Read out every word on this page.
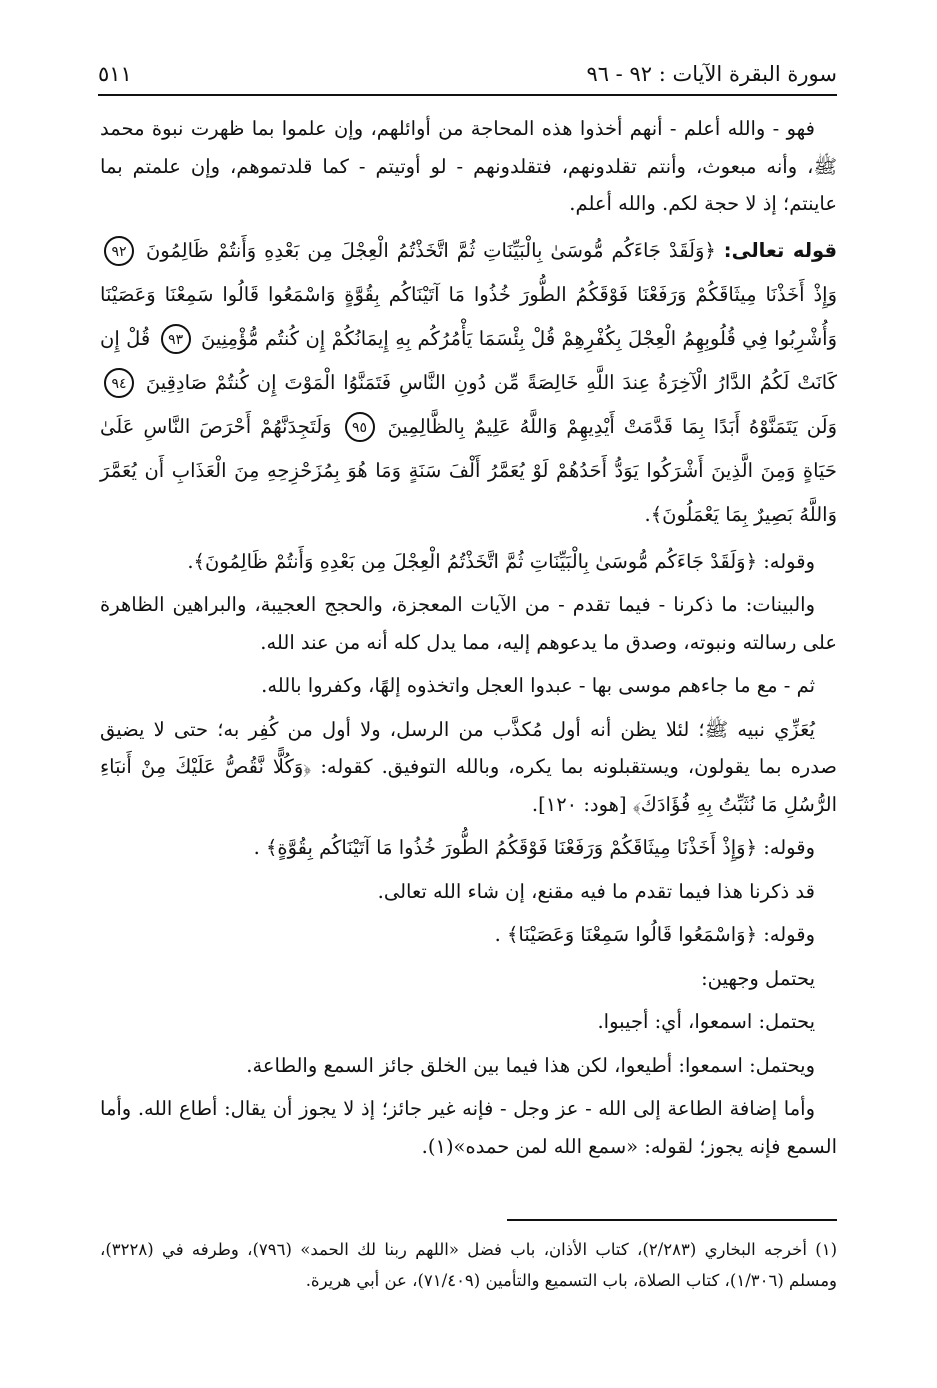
سورة البقرة الآيات : ٩٢ - ٩٦
٥١١

فهو - والله أعلم - أنهم أخذوا هذه المحاجة من أوائلهم، وإن علموا بما ظهرت نبوة محمد ﷺ، وأنه مبعوث، وأنتم تقلدونهم، فتقلدونهم - لو أوتيتم - كما قلدتموهم، وإن علمتم بما عاينتم؛ إذ لا حجة لكم. والله أعلم.

قوله تعالى: ﴿وَلَقَدْ جَاءَكُم مُّوسَىٰ بِالْبَيِّنَاتِ ثُمَّ اتَّخَذْتُمُ الْعِجْلَ مِن بَعْدِهِ وَأَنتُمْ ظَالِمُونَ ٩٢ وَإِذْ أَخَذْنَا مِيثَاقَكُمْ وَرَفَعْنَا فَوْقَكُمُ الطُّورَ خُذُوا مَا آتَيْنَاكُم بِقُوَّةٍ وَاسْمَعُوا قَالُوا سَمِعْنَا وَعَصَيْنَا وَأُشْرِبُوا فِي قُلُوبِهِمُ الْعِجْلَ بِكُفْرِهِمْ قُلْ بِئْسَمَا يَأْمُرُكُم بِهِ إِيمَانُكُمْ إِن كُنتُم مُّؤْمِنِينَ ٩٣ قُلْ إِن كَانَتْ لَكُمُ الدَّارُ الْآخِرَةُ عِندَ اللَّهِ خَالِصَةً مِّن دُونِ النَّاسِ فَتَمَنَّوُا الْمَوْتَ إِن كُنتُمْ صَادِقِينَ ٩٤ وَلَن يَتَمَنَّوْهُ أَبَدًا بِمَا قَدَّمَتْ أَيْدِيهِمْ وَاللَّهُ عَلِيمٌ بِالظَّالِمِينَ ٩٥ وَلَتَجِدَنَّهُمْ أَحْرَصَ النَّاسِ عَلَىٰ حَيَاةٍ وَمِنَ الَّذِينَ أَشْرَكُوا يَوَدُّ أَحَدُهُمْ لَوْ يُعَمَّرُ أَلْفَ سَنَةٍ وَمَا هُوَ بِمُزَحْزِحِهِ مِنَ الْعَذَابِ أَن يُعَمَّرَ وَاللَّهُ بَصِيرٌ بِمَا يَعْمَلُونَ﴾.

وقوله: ﴿وَلَقَدْ جَاءَكُم مُّوسَىٰ بِالْبَيِّنَاتِ ثُمَّ اتَّخَذْتُمُ الْعِجْلَ مِن بَعْدِهِ وَأَنتُمْ ظَالِمُونَ﴾.

والبينات: ما ذكرنا - فيما تقدم - من الآيات المعجزة، والحجج العجيبة، والبراهين الظاهرة على رسالته ونبوته، وصدق ما يدعوهم إليه، مما يدل كله أنه من عند الله.

ثم - مع ما جاءهم موسى بها - عبدوا العجل واتخذوه إلهًا، وكفروا بالله.

يُعَزِّي نبيه ﷺ؛ لئلا يظن أنه أول مُكذَّب من الرسل، ولا أول من كُفِر به؛ حتى لا يضيق صدره بما يقولون، ويستقبلونه بما يكره، وبالله التوفيق. كقوله: ﴿وَكُلًّا نَّقُصُّ عَلَيْكَ مِنْ أَنبَاءِ الرُّسُلِ مَا نُثَبِّتُ بِهِ فُؤَادَكَ﴾ [هود: ١٢٠].

وقوله: ﴿وَإِذْ أَخَذْنَا مِيثَاقَكُمْ وَرَفَعْنَا فَوْقَكُمُ الطُّورَ خُذُوا مَا آتَيْنَاكُم بِقُوَّةٍ﴾ .

قد ذكرنا هذا فيما تقدم ما فيه مقنع، إن شاء الله تعالى.

وقوله: ﴿وَاسْمَعُوا قَالُوا سَمِعْنَا وَعَصَيْنَا﴾ .

يحتمل وجهين:

يحتمل: اسمعوا، أي: أجيبوا.

ويحتمل: اسمعوا: أطيعوا، لكن هذا فيما بين الخلق جائز السمع والطاعة.

وأما إضافة الطاعة إلى الله - عز وجل - فإنه غير جائز؛ إذ لا يجوز أن يقال: أطاع الله. وأما السمع فإنه يجوز؛ لقوله: «سمع الله لمن حمده»(١).

(١) أخرجه البخاري (٢/٢٨٣)، كتاب الأذان، باب فضل «اللهم ربنا لك الحمد» (٧٩٦)، وطرفه في (٣٢٢٨)، ومسلم (١/٣٠٦)، كتاب الصلاة، باب التسميع والتأمين (٧١/٤٠٩)، عن أبي هريرة.
